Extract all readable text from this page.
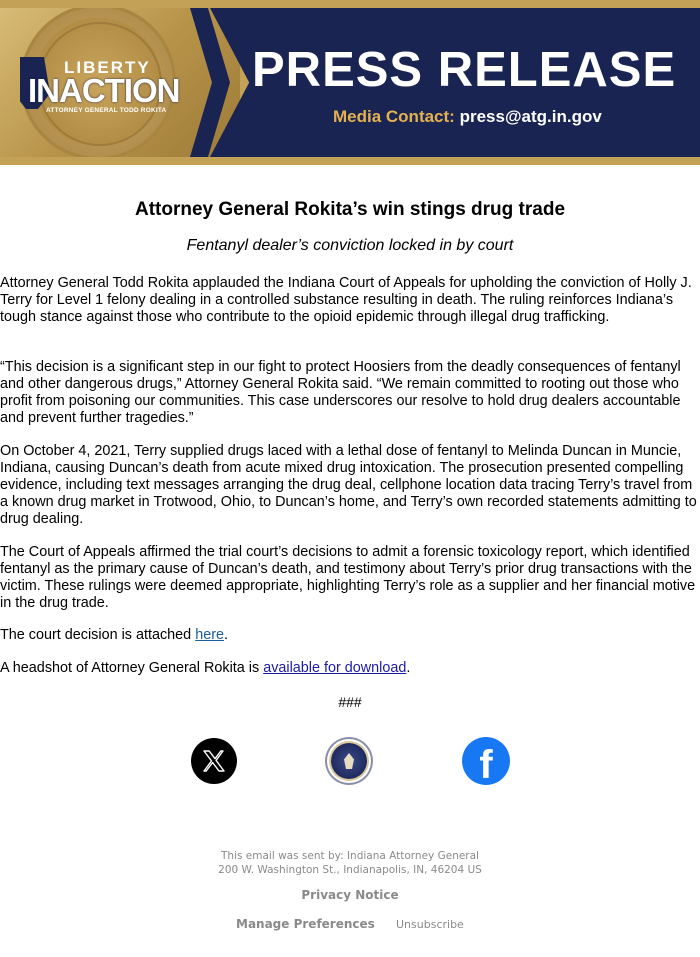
LIBERTY
INACTION
ATTORNEY GENERAL TODD ROKITA
PRESS RELEASE
Media Contact: press@atg.in.gov
Attorney General Rokita’s win stings drug trade
Fentanyl dealer’s conviction locked in by court

Attorney General Todd Rokita applauded the Indiana Court of Appeals for upholding the conviction of Holly J. Terry for Level 1 felony dealing in a controlled substance resulting in death. The ruling reinforces Indiana’s tough stance against those who contribute to the opioid epidemic through illegal drug trafficking.

“This decision is a significant step in our fight to protect Hoosiers from the deadly consequences of fentanyl and other dangerous drugs,” Attorney General Rokita said. “We remain committed to rooting out those who profit from poisoning our communities. This case underscores our resolve to hold drug dealers accountable and prevent further tragedies.”

On October 4, 2021, Terry supplied drugs laced with a lethal dose of fentanyl to Melinda Duncan in Muncie, Indiana, causing Duncan’s death from acute mixed drug intoxication. The prosecution presented compelling evidence, including text messages arranging the drug deal, cellphone location data tracing Terry’s travel from a known drug market in Trotwood, Ohio, to Duncan’s home, and Terry’s own recorded statements admitting to drug dealing.

The Court of Appeals affirmed the trial court’s decisions to admit a forensic toxicology report, which identified fentanyl as the primary cause of Duncan’s death, and testimony about Terry’s prior drug transactions with the victim. These rulings were deemed appropriate, highlighting Terry’s role as a supplier and her financial motive in the drug trade.

The court decision is attached here.

A headshot of Attorney General Rokita is available for download.

###
f
This email was sent by: Indiana Attorney General
200 W. Washington St., Indianapolis, IN, 46204 US
Privacy Notice
Manage Preferences Unsubscribe
